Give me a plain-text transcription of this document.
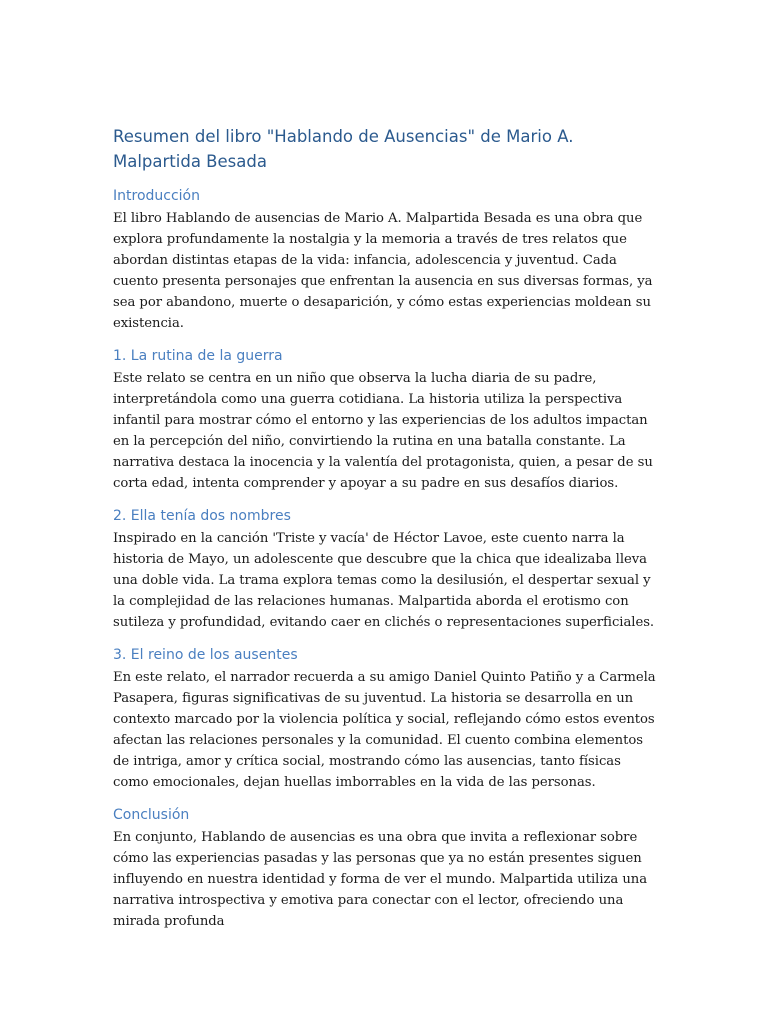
Resumen del libro "Hablando de Ausencias" de Mario A. Malpartida Besada
Introducción

El libro Hablando de ausencias de Mario A. Malpartida Besada es una obra que explora profundamente la nostalgia y la memoria a través de tres relatos que abordan distintas etapas de la vida: infancia, adolescencia y juventud. Cada cuento presenta personajes que enfrentan la ausencia en sus diversas formas, ya sea por abandono, muerte o desaparición, y cómo estas experiencias moldean su existencia.

1. La rutina de la guerra

Este relato se centra en un niño que observa la lucha diaria de su padre, interpretándola como una guerra cotidiana. La historia utiliza la perspectiva infantil para mostrar cómo el entorno y las experiencias de los adultos impactan en la percepción del niño, convirtiendo la rutina en una batalla constante. La narrativa destaca la inocencia y la valentía del protagonista, quien, a pesar de su corta edad, intenta comprender y apoyar a su padre en sus desafíos diarios.

2. Ella tenía dos nombres

Inspirado en la canción 'Triste y vacía' de Héctor Lavoe, este cuento narra la historia de Mayo, un adolescente que descubre que la chica que idealizaba lleva una doble vida. La trama explora temas como la desilusión, el despertar sexual y la complejidad de las relaciones humanas. Malpartida aborda el erotismo con sutileza y profundidad, evitando caer en clichés o representaciones superficiales.

3. El reino de los ausentes

En este relato, el narrador recuerda a su amigo Daniel Quinto Patiño y a Carmela Pasapera, figuras significativas de su juventud. La historia se desarrolla en un contexto marcado por la violencia política y social, reflejando cómo estos eventos afectan las relaciones personales y la comunidad. El cuento combina elementos de intriga, amor y crítica social, mostrando cómo las ausencias, tanto físicas como emocionales, dejan huellas imborrables en la vida de las personas.

Conclusión

En conjunto, Hablando de ausencias es una obra que invita a reflexionar sobre cómo las experiencias pasadas y las personas que ya no están presentes siguen influyendo en nuestra identidad y forma de ver el mundo. Malpartida utiliza una narrativa introspectiva y emotiva para conectar con el lector, ofreciendo una mirada profunda
